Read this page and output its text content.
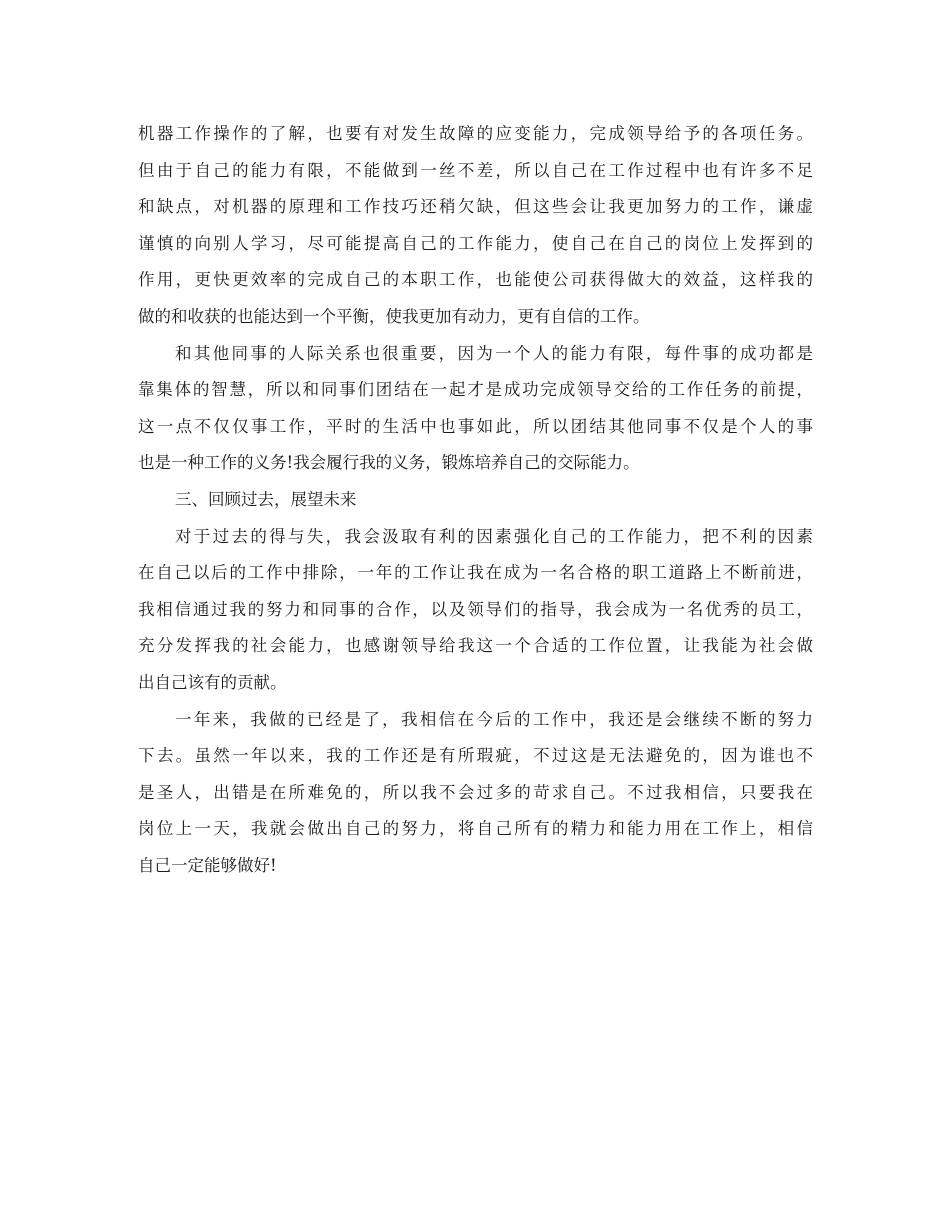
机器工作操作的了解，也要有对发生故障的应变能力，完成领导给予的各项任务。
但由于自己的能力有限，不能做到一丝不差，所以自己在工作过程中也有许多不足
和缺点，对机器的原理和工作技巧还稍欠缺，但这些会让我更加努力的工作，谦虚
谨慎的向别人学习，尽可能提高自己的工作能力，使自己在自己的岗位上发挥到的
作用，更快更效率的完成自己的本职工作，也能使公司获得做大的效益，这样我的
做的和收获的也能达到一个平衡，使我更加有动力，更有自信的工作。
和其他同事的人际关系也很重要，因为一个人的能力有限，每件事的成功都是
靠集体的智慧，所以和同事们团结在一起才是成功完成领导交给的工作任务的前提，
这一点不仅仅事工作，平时的生活中也事如此，所以团结其他同事不仅是个人的事
也是一种工作的义务!我会履行我的义务，锻炼培养自己的交际能力。
三、回顾过去，展望未来
对于过去的得与失，我会汲取有利的因素强化自己的工作能力，把不利的因素
在自己以后的工作中排除，一年的工作让我在成为一名合格的职工道路上不断前进，
我相信通过我的努力和同事的合作，以及领导们的指导，我会成为一名优秀的员工，
充分发挥我的社会能力，也感谢领导给我这一个合适的工作位置，让我能为社会做
出自己该有的贡献。
一年来，我做的已经是了，我相信在今后的工作中，我还是会继续不断的努力
下去。虽然一年以来，我的工作还是有所瑕疵，不过这是无法避免的，因为谁也不
是圣人，出错是在所难免的，所以我不会过多的苛求自己。不过我相信，只要我在
岗位上一天，我就会做出自己的努力，将自己所有的精力和能力用在工作上，相信
自己一定能够做好!
